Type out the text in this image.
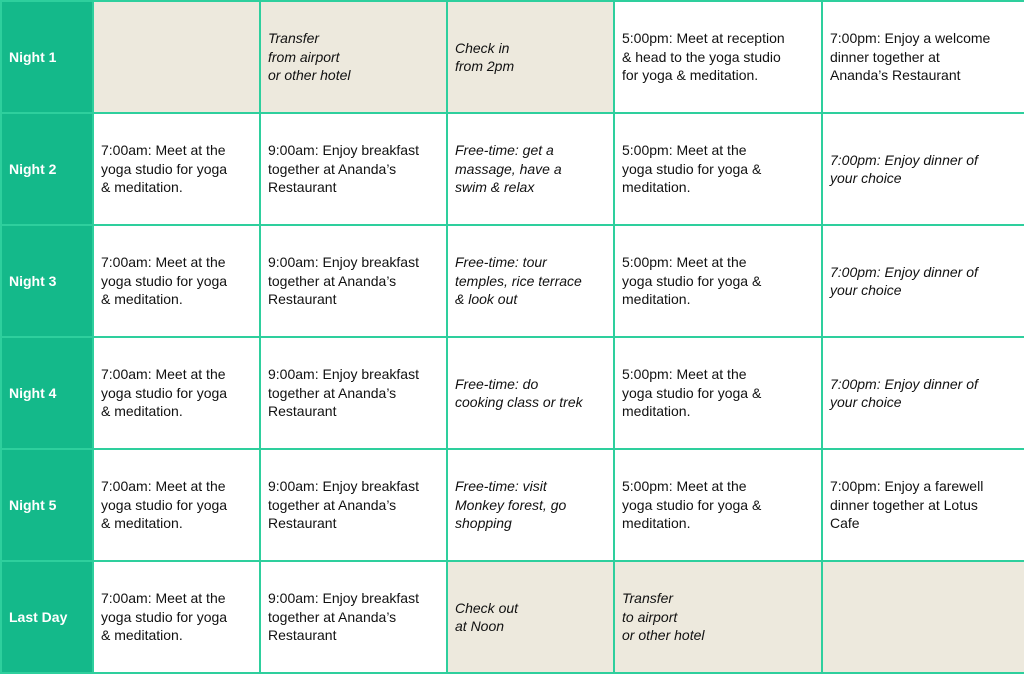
Night 1		Transfer
from airport
or other hotel	Check in
from 2pm	5:00pm: Meet at reception
& head to the yoga studio
for yoga & meditation.	7:00pm: Enjoy a welcome
dinner together at
Ananda’s Restaurant

Night 2	7:00am: Meet at the
yoga studio for yoga
& meditation.	9:00am: Enjoy breakfast
together at Ananda’s
Restaurant	Free-time: get a
massage, have a
swim & relax	5:00pm: Meet at the
yoga studio for yoga &
meditation.	7:00pm: Enjoy dinner of
your choice

Night 3	7:00am: Meet at the
yoga studio for yoga
& meditation.	9:00am: Enjoy breakfast
together at Ananda’s
Restaurant	Free-time: tour
temples, rice terrace
& look out	5:00pm: Meet at the
yoga studio for yoga &
meditation.	7:00pm: Enjoy dinner of
your choice

Night 4	7:00am: Meet at the
yoga studio for yoga
& meditation.	9:00am: Enjoy breakfast
together at Ananda’s
Restaurant	Free-time: do
cooking class or trek	5:00pm: Meet at the
yoga studio for yoga &
meditation.	7:00pm: Enjoy dinner of
your choice

Night 5	7:00am: Meet at the
yoga studio for yoga
& meditation.	9:00am: Enjoy breakfast
together at Ananda’s
Restaurant	Free-time: visit
Monkey forest, go
shopping	5:00pm: Meet at the
yoga studio for yoga &
meditation.	7:00pm: Enjoy a farewell
dinner together at Lotus
Cafe

Last Day	7:00am: Meet at the
yoga studio for yoga
& meditation.	9:00am: Enjoy breakfast
together at Ananda’s
Restaurant	Check out
at Noon	Transfer
to airport
or other hotel	
